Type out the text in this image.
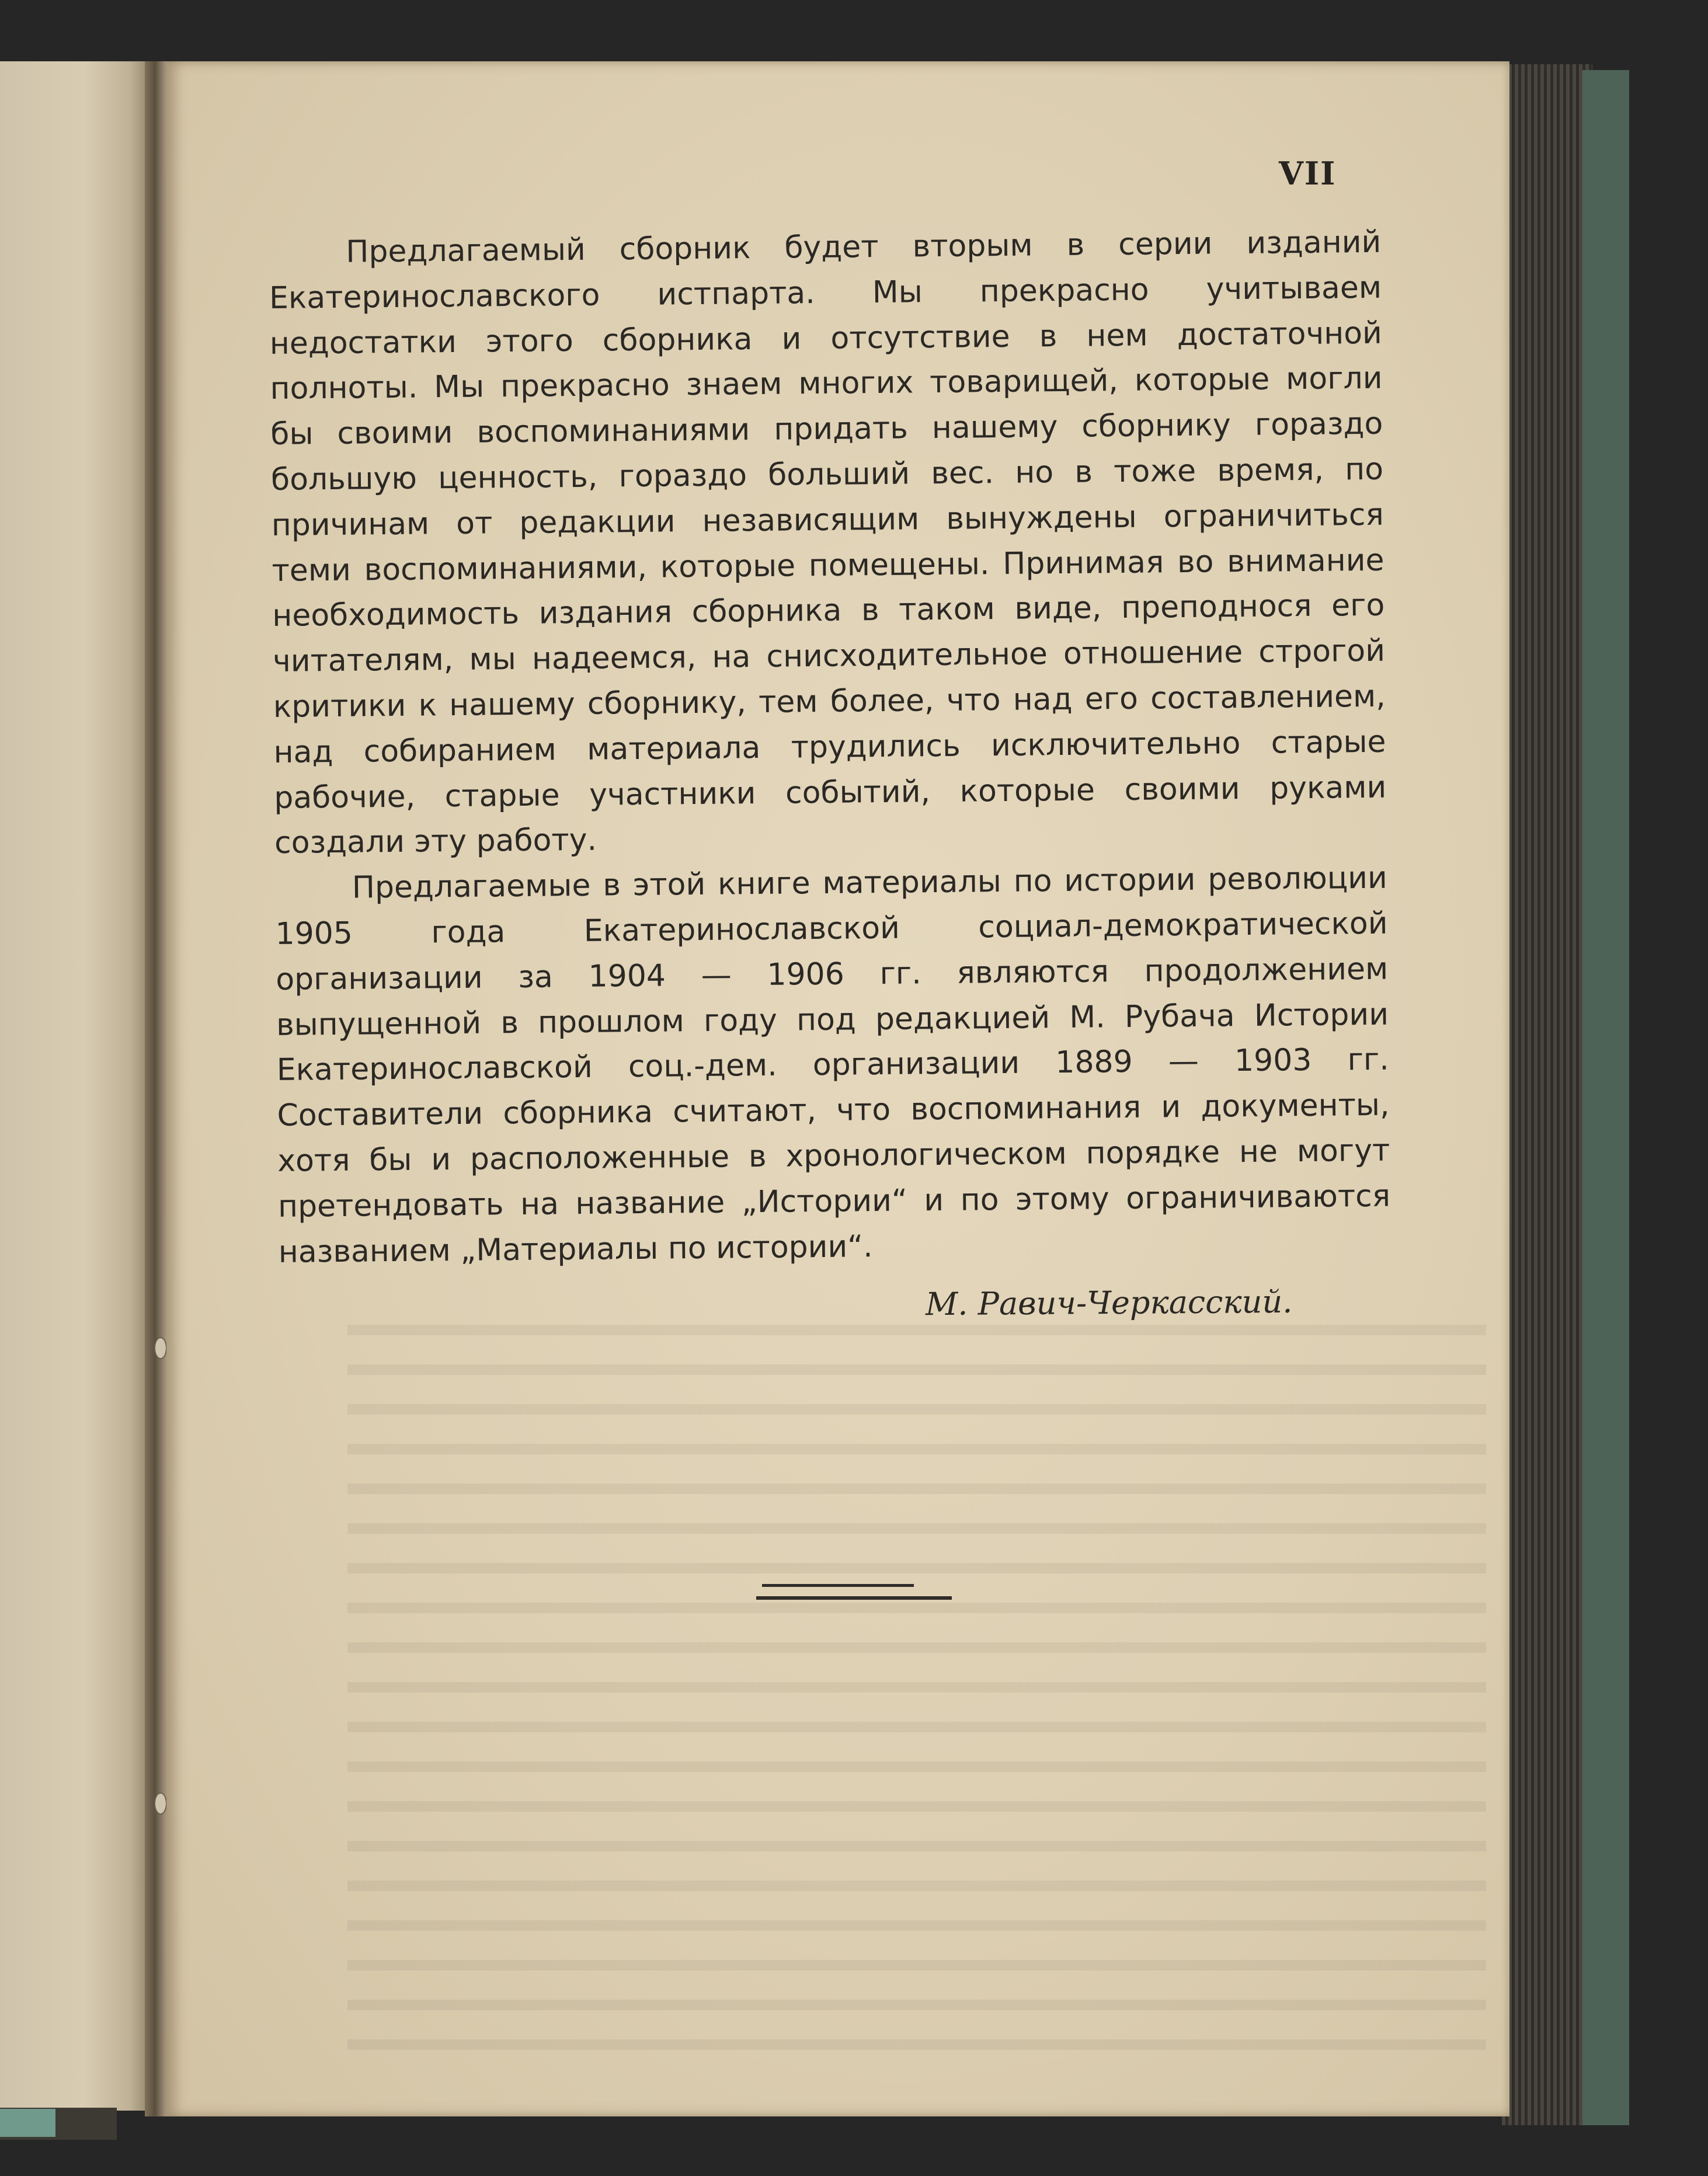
VII

Предлагаемый сборник будет вторым в серии изданий Екатеринославского истпарта. Мы прекрасно учитываем недостатки этого сборника и отсутствие в нем достаточной полноты. Мы прекрасно знаем многих товарищей, которые могли бы своими воспоминаниями придать нашему сборнику гораздо большую ценность, гораздо больший вес. но в тоже время, по причинам от редакции независящим вынуждены ограничиться теми воспоминаниями, которые помещены. Принимая во внимание необходимость издания сборника в таком виде, преподнося его читателям, мы надеемся, на снисходительное отношение строгой критики к нашему сборнику, тем более, что над его составлением, над собиранием материала трудились исключительно старые рабочие, старые участники событий, которые своими руками создали эту работу.

Предлагаемые в этой книге материалы по истории революции 1905 года Екатеринославской социал-демократической организации за 1904 — 1906 гг. являются продолжением выпущенной в прошлом году под редакцией М. Рубача Истории Екатеринославской соц.-дем. организации 1889 — 1903 гг. Составители сборника считают, что воспоминания и документы, хотя бы и расположенные в хронологическом порядке не могут претендовать на название „Истории“ и по этому ограничиваются названием „Материалы по истории“.

М. Равич-Черкасский.
